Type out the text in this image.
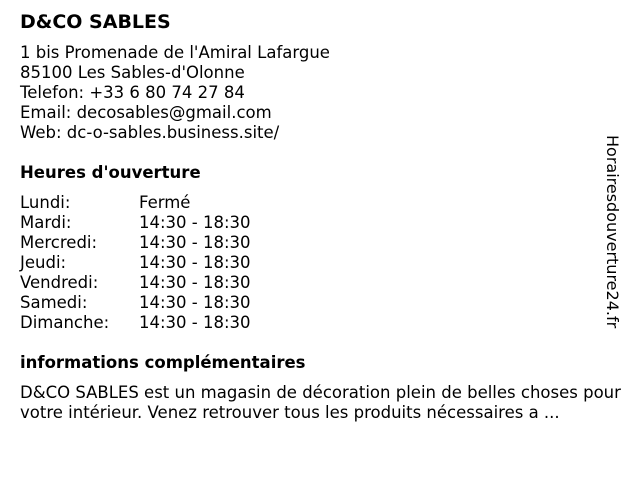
D&CO SABLES
1 bis Promenade de l'Amiral Lafargue
85100 Les Sables-d'Olonne
Telefon: +33 6 80 74 27 84
Email: decosables@gmail.com
Web: dc-o-sables.business.site/
Heures d'ouverture
Lundi:	Fermé
Mardi:	14:30 - 18:30
Mercredi:	14:30 - 18:30
Jeudi:	14:30 - 18:30
Vendredi:	14:30 - 18:30
Samedi:	14:30 - 18:30
Dimanche:	14:30 - 18:30
informations complémentaires

D&CO SABLES est un magasin de décoration plein de belles choses pour votre intérieur. Venez retrouver tous les produits nécessaires a ...

Horairesdouverture24.fr
